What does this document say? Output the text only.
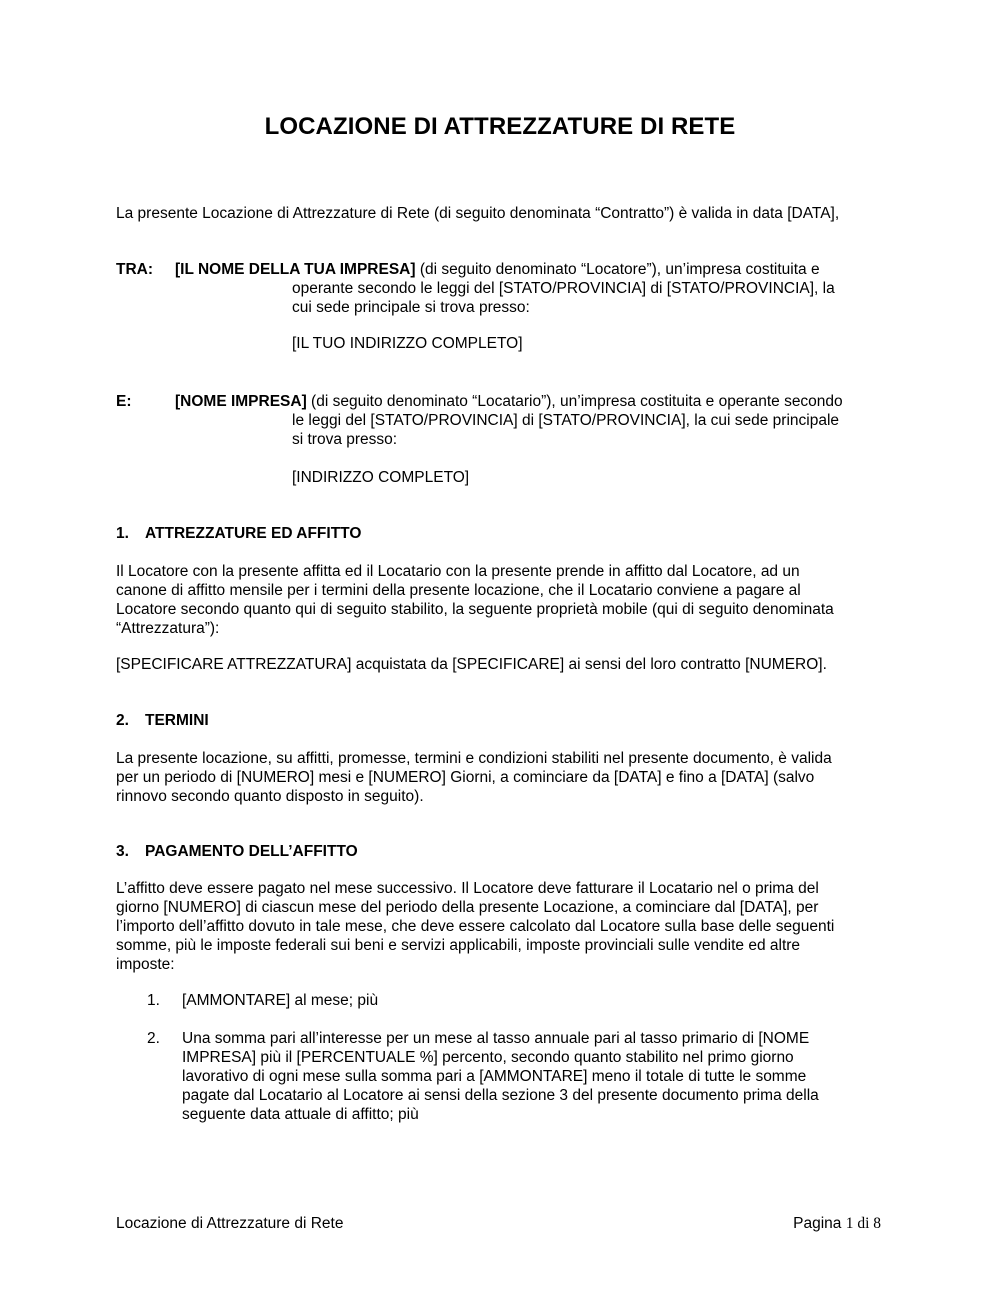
LOCAZIONE DI ATTREZZATURE DI RETE
La presente Locazione di Attrezzature di Rete (di seguito denominata “Contratto”) è valida in data [DATA],
TRA: [IL NOME DELLA TUA IMPRESA] (di seguito denominato “Locatore”), un’impresa costituita e
operante secondo le leggi del [STATO/PROVINCIA] di [STATO/PROVINCIA], la
cui sede principale si trova presso:
[IL TUO INDIRIZZO COMPLETO]
E:	[NOME IMPRESA] (di seguito denominato “Locatario”), un’impresa costituita e operante secondo
le leggi del [STATO/PROVINCIA] di [STATO/PROVINCIA], la cui sede principale
si trova presso:
[INDIRIZZO COMPLETO]
1. ATTREZZATURE ED AFFITTO
Il Locatore con la presente affitta ed il Locatario con la presente prende in affitto dal Locatore, ad un
canone di affitto mensile per i termini della presente locazione, che il Locatario conviene a pagare al
Locatore secondo quanto qui di seguito stabilito, la seguente proprietà mobile (qui di seguito denominata
“Attrezzatura”):
[SPECIFICARE ATTREZZATURA] acquistata da [SPECIFICARE] ai sensi del loro contratto [NUMERO].
2. TERMINI
La presente locazione, su affitti, promesse, termini e condizioni stabiliti nel presente documento, è valida
per un periodo di [NUMERO] mesi e [NUMERO] Giorni, a cominciare da [DATA] e fino a [DATA] (salvo
rinnovo secondo quanto disposto in seguito).
3. PAGAMENTO DELL’AFFITTO
L’affitto deve essere pagato nel mese successivo. Il Locatore deve fatturare il Locatario nel o prima del
giorno [NUMERO] di ciascun mese del periodo della presente Locazione, a cominciare dal [DATA], per
l’importo dell’affitto dovuto in tale mese, che deve essere calcolato dal Locatore sulla base delle seguenti
somme, più le imposte federali sui beni e servizi applicabili, imposte provinciali sulle vendite ed altre
imposte:
1. [AMMONTARE] al mese; più
2. Una somma pari all’interesse per un mese al tasso annuale pari al tasso primario di [NOME
IMPRESA] più il [PERCENTUALE %] percento, secondo quanto stabilito nel primo giorno
lavorativo di ogni mese sulla somma pari a [AMMONTARE] meno il totale di tutte le somme
pagate dal Locatario al Locatore ai sensi della sezione 3 del presente documento prima della
seguente data attuale di affitto; più
Locazione di Attrezzature di Rete	Pagina 1 di 8
